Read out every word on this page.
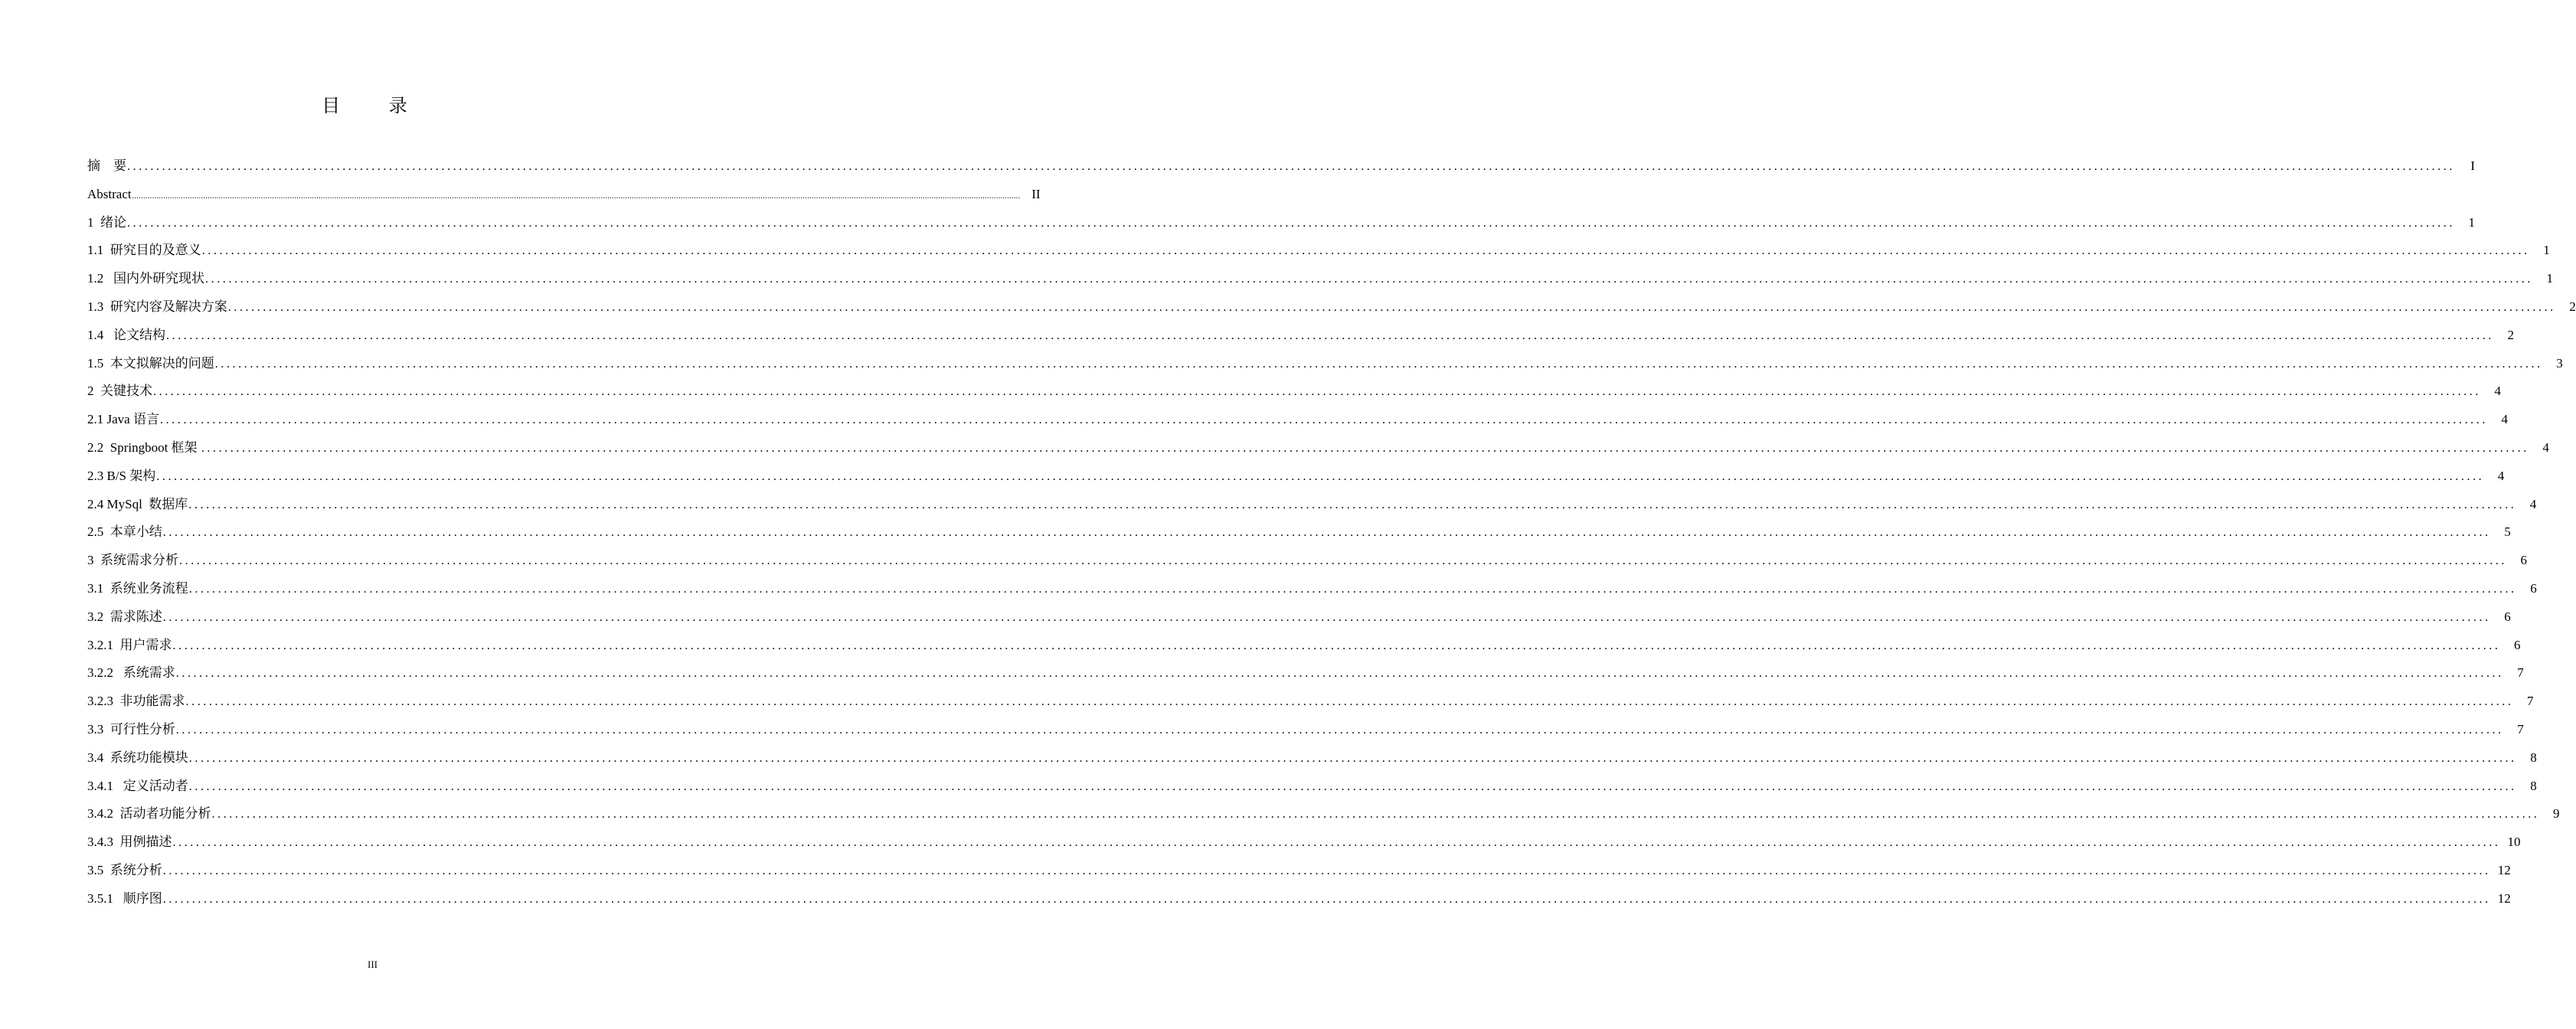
目 录
摘    要 ................................................................................................................................................................................................................................................................................................................................................................................................................	I
Abstract ................................................................................................................................................................................................................................................................................................................................................................................................................ II
1  绪论 ................................................................................................................................................................................................................................................................................................................................................................................................................	1
1.1  研究目的及意义 ................................................................................................................................................................................................................................................................................................................................................................................................................	1
1.2   国内外研究现状 ................................................................................................................................................................................................................................................................................................................................................................................................................	1
1.3  研究内容及解决方案 ................................................................................................................................................................................................................................................................................................................................................................................................................	2
1.4   论文结构 ................................................................................................................................................................................................................................................................................................................................................................................................................	2
1.5  本文拟解决的问题 ................................................................................................................................................................................................................................................................................................................................................................................................................	3
2  关键技术 ................................................................................................................................................................................................................................................................................................................................................................................................................	4
2.1 Java 语言 ................................................................................................................................................................................................................................................................................................................................................................................................................	4
2.2  Springboot 框架 ................................................................................................................................................................................................................................................................................................................................................................................................................	4
2.3 B/S 架构 ................................................................................................................................................................................................................................................................................................................................................................................................................	4
2.4 MySql  数据库 ................................................................................................................................................................................................................................................................................................................................................................................................................	4
2.5  本章小结 ................................................................................................................................................................................................................................................................................................................................................................................................................	5
3  系统需求分析 ................................................................................................................................................................................................................................................................................................................................................................................................................	6
3.1  系统业务流程 ................................................................................................................................................................................................................................................................................................................................................................................................................	6
3.2  需求陈述 ................................................................................................................................................................................................................................................................................................................................................................................................................	6
3.2.1  用户需求 ................................................................................................................................................................................................................................................................................................................................................................................................................	6
3.2.2   系统需求 ................................................................................................................................................................................................................................................................................................................................................................................................................	7
3.2.3  非功能需求 ................................................................................................................................................................................................................................................................................................................................................................................................................	7
3.3  可行性分析 ................................................................................................................................................................................................................................................................................................................................................................................................................	7
3.4  系统功能模块 ................................................................................................................................................................................................................................................................................................................................................................................................................	8
3.4.1   定义活动者 ................................................................................................................................................................................................................................................................................................................................................................................................................	8
3.4.2  活动者功能分析 ................................................................................................................................................................................................................................................................................................................................................................................................................	9
3.4.3  用例描述 ................................................................................................................................................................................................................................................................................................................................................................................................................ 10
3.5  系统分析 ................................................................................................................................................................................................................................................................................................................................................................................................................ 12
3.5.1   顺序图 ................................................................................................................................................................................................................................................................................................................................................................................................................ 12
III
